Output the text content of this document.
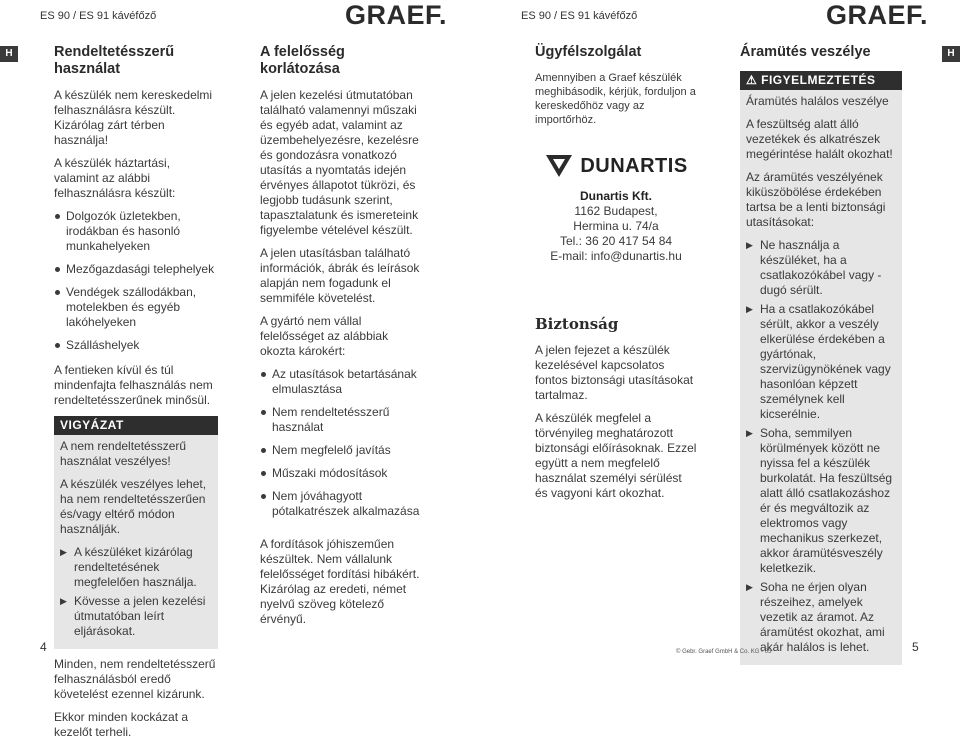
ES 90 / ES 91 kávéfőző	GRAEF.	ES 90 / ES 91 kávéfőző	GRAEF.
H	H
Rendeltetésszerű használat

A készülék nem kereskedelmi felhasználásra készült. Kizárólag zárt térben használja!

A készülék háztartási, valamint az alábbi felhasználásra készült:

Dolgozók üzletekben, irodákban és hasonló munkahelyeken
Mezőgazdasági telephelyek
Vendégek szállodákban, motelekben és egyéb lakóhelyeken
Szálláshelyek

A fentieken kívül és túl mindenfajta felhasználás nem rendeltetésszerűnek minősül.

VIGYÁZAT

A nem rendeltetésszerű használat veszélyes!

A készülék veszélyes lehet, ha nem rendeltetésszerűen és/vagy eltérő módon használják.

▶ A készüléket kizárólag rendeltetésének megfelelően használja.
▶ Kövesse a jelen kezelési útmutatóban leírt eljárásokat.

Minden, nem rendeltetésszerű felhasználásból eredő követelést ezennel kizárunk.

Ekkor minden kockázat a kezelőt terheli.

A felelősség korlátozása

A jelen kezelési útmutatóban található valamennyi műszaki és egyéb adat, valamint az üzembehelyezésre, kezelésre és gondozásra vonatkozó utasítás a nyomtatás idején érvényes állapotot tükrözi, és legjobb tudásunk szerint, tapasztalatunk és ismereteink figyelembe vételével készült.

A jelen utasításban található információk, ábrák és leírások alapján nem fogadunk el semmiféle követelést.

A gyártó nem vállal felelősséget az alábbiak okozta károkért:

Az utasítások betartásának elmulasztása
Nem rendeltetésszerű használat
Nem megfelelő javítás
Műszaki módosítások
Nem jóváhagyott pótalkatrészek alkalmazása

A fordítások jóhiszeműen készültek. Nem vállalunk felelősséget fordítási hibákért. Kizárólag az eredeti, német nyelvű szöveg kötelező érvényű.

Ügyfélszolgálat

Amennyiben a Graef készülék meghibásodik, kérjük, forduljon a kereskedőhöz vagy az importőrhöz.

DUNARTIS
Dunartis Kft.
1162 Budapest,
Hermina u. 74/a
Tel.: 36 20 417 54 84
E-mail: info@dunartis.hu
Biztonság

A jelen fejezet a készülék kezelésével kapcsolatos fontos biztonsági utasításokat tartalmaz.

A készülék megfelel a törvényileg meghatározott biztonsági előírásoknak. Ezzel együtt a nem megfelelő használat személyi sérülést és vagyoni kárt okozhat.

Áramütés veszélye
⚠ FIGYELMEZTETÉS

Áramütés halálos veszélye

A feszültség alatt álló vezetékek és alkatrészek megérintése halált okozhat!

Az áramütés veszélyének kiküszöbölése érdekében tartsa be a lenti biztonsági utasításokat:

▶ Ne használja a készüléket, ha a csatlakozókábel vagy -dugó sérült.
▶ Ha a csatlakozókábel sérült, akkor a veszély elkerülése érdekében a gyártónak, szervizügynökének vagy hasonlóan képzett személynek kell kicserélnie.
▶ Soha, semmilyen körülmények között ne nyissa fel a készülék burkolatát. Ha feszültség alatt álló csatlakozáshoz ér és megváltozik az elektromos vagy mechanikus szerkezet, akkor áramütésveszély keletkezik.
▶ Soha ne érjen olyan részeihez, amelyek vezetik az áramot. Az áramütést okozhat, ami akár halálos is lehet.
4	© Gebr. Graef GmbH & Co. KG - 03	5
